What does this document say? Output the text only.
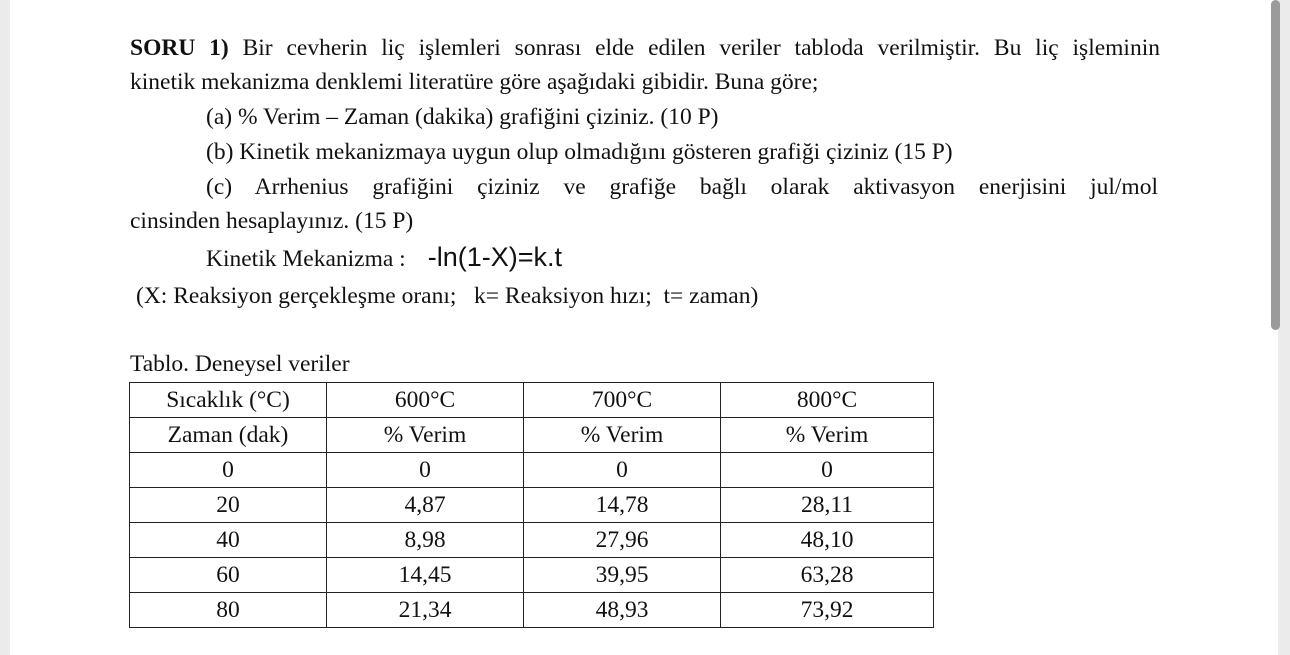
SORU 1) Bir cevherin liç işlemleri sonrası elde edilen veriler tabloda verilmiştir. Bu liç işleminin
kinetik mekanizma denklemi literatüre göre aşağıdaki gibidir. Buna göre;
(a) % Verim – Zaman (dakika) grafiğini çiziniz. (10 P)
(b) Kinetik mekanizmaya uygun olup olmadığını gösteren grafiği çiziniz (15 P)
(c) Arrhenius grafiğini çiziniz ve grafiğe bağlı olarak aktivasyon enerjisini jul/mol
cinsinden hesaplayınız. (15 P)
Kinetik Mekanizma : -ln(1-X)=k.t
(X: Reaksiyon gerçekleşme oranı;   k= Reaksiyon hızı;  t= zaman)
Tablo. Deneysel veriler
Sıcaklık (°C)	600°C	700°C	800°C
Zaman (dak)	% Verim	% Verim	% Verim
0	0	0	0
20	4,87	14,78	28,11
40	8,98	27,96	48,10
60	14,45	39,95	63,28
80	21,34	48,93	73,92
